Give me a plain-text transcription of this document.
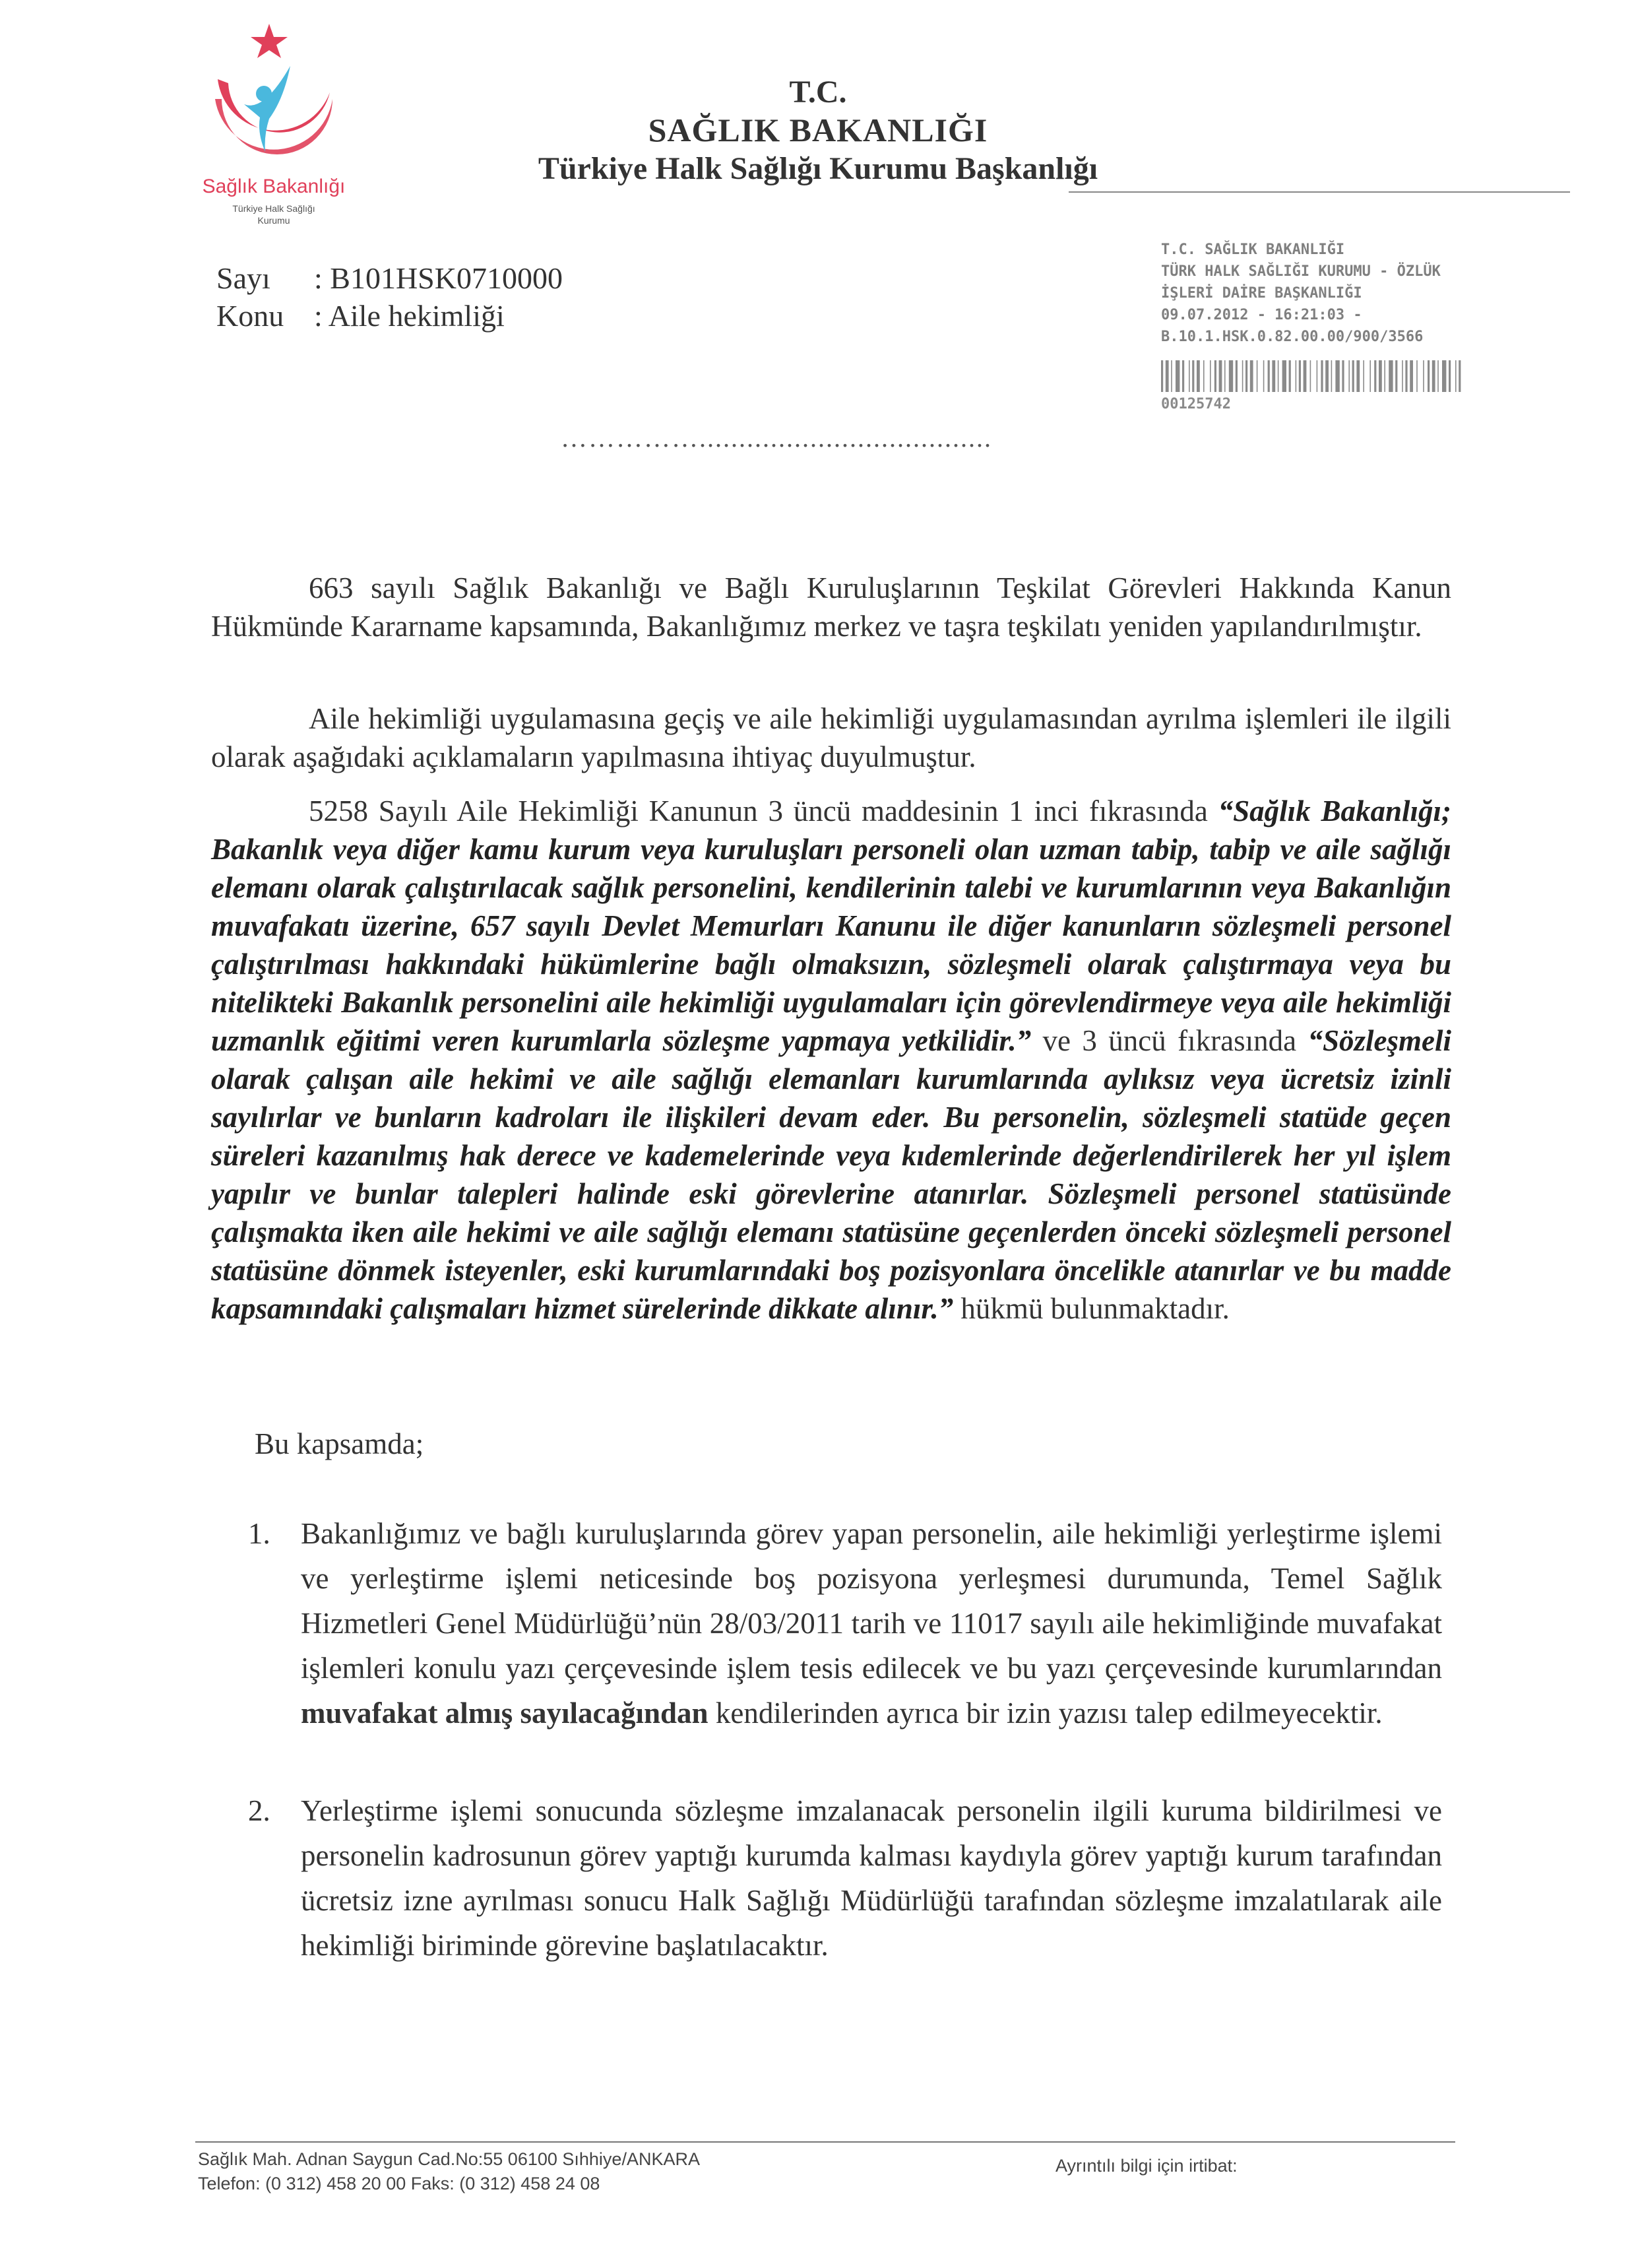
Sağlık Bakanlığı
Türkiye Halk Sağlığı
Kurumu
T.C.
SAĞLIK BAKANLIĞI
Türkiye Halk Sağlığı Kurumu Başkanlığı
Sayı : B101HSK0710000
Konu : Aile hekimliği
T.C. SAĞLIK BAKANLIĞI
TÜRK HALK SAĞLIĞI KURUMU - ÖZLÜK
İŞLERİ DAİRE BAŞKANLIĞI
09.07.2012 - 16:21:03 -
B.10.1.HSK.0.82.00.00/900/3566
00125742
…………….....................................
663 sayılı Sağlık Bakanlığı ve Bağlı Kuruluşlarının Teşkilat Görevleri Hakkında Kanun Hükmünde Kararname kapsamında, Bakanlığımız merkez ve taşra teşkilatı yeniden yapılandırılmıştır.
Aile hekimliği uygulamasına geçiş ve aile hekimliği uygulamasından ayrılma işlemleri ile ilgili olarak aşağıdaki açıklamaların yapılmasına ihtiyaç duyulmuştur.
5258 Sayılı Aile Hekimliği Kanunun 3 üncü maddesinin 1 inci fıkrasında “Sağlık Bakanlığı; Bakanlık veya diğer kamu kurum veya kuruluşları personeli olan uzman tabip, tabip ve aile sağlığı elemanı olarak çalıştırılacak sağlık personelini, kendilerinin talebi ve kurumlarının veya Bakanlığın muvafakatı üzerine, 657 sayılı Devlet Memurları Kanunu ile diğer kanunların sözleşmeli personel çalıştırılması hakkındaki hükümlerine bağlı olmaksızın, sözleşmeli olarak çalıştırmaya veya bu nitelikteki Bakanlık personelini aile hekimliği uygulamaları için görevlendirmeye veya aile hekimliği uzmanlık eğitimi veren kurumlarla sözleşme yapmaya yetkilidir.” ve 3 üncü fıkrasında “Sözleşmeli olarak çalışan aile hekimi ve aile sağlığı elemanları kurumlarında aylıksız veya ücretsiz izinli sayılırlar ve bunların kadroları ile ilişkileri devam eder. Bu personelin, sözleşmeli statüde geçen süreleri kazanılmış hak derece ve kademelerinde veya kıdemlerinde değerlendirilerek her yıl işlem yapılır ve bunlar talepleri halinde eski görevlerine atanırlar. Sözleşmeli personel statüsünde çalışmakta iken aile hekimi ve aile sağlığı elemanı statüsüne geçenlerden önceki sözleşmeli personel statüsüne dönmek isteyenler, eski kurumlarındaki boş pozisyonlara öncelikle atanırlar ve bu madde kapsamındaki çalışmaları hizmet sürelerinde dikkate alınır.” hükmü bulunmaktadır.
Bu kapsamda;
1.	Bakanlığımız ve bağlı kuruluşlarında görev yapan personelin, aile hekimliği yerleştirme işlemi ve yerleştirme işlemi neticesinde boş pozisyona yerleşmesi durumunda, Temel Sağlık Hizmetleri Genel Müdürlüğü’nün 28/03/2011 tarih ve 11017 sayılı aile hekimliğinde muvafakat işlemleri konulu yazı çerçevesinde işlem tesis edilecek ve bu yazı çerçevesinde kurumlarından muvafakat almış sayılacağından kendilerinden ayrıca bir izin yazısı talep edilmeyecektir.
2.	Yerleştirme işlemi sonucunda sözleşme imzalanacak personelin ilgili kuruma bildirilmesi ve personelin kadrosunun görev yaptığı kurumda kalması kaydıyla görev yaptığı kurum tarafından ücretsiz izne ayrılması sonucu Halk Sağlığı Müdürlüğü tarafından sözleşme imzalatılarak aile hekimliği biriminde görevine başlatılacaktır.
Sağlık Mah. Adnan Saygun Cad.No:55 06100 Sıhhiye/ANKARA
Telefon: (0 312) 458 20 00 Faks: (0 312) 458 24 08
Ayrıntılı bilgi için irtibat:
